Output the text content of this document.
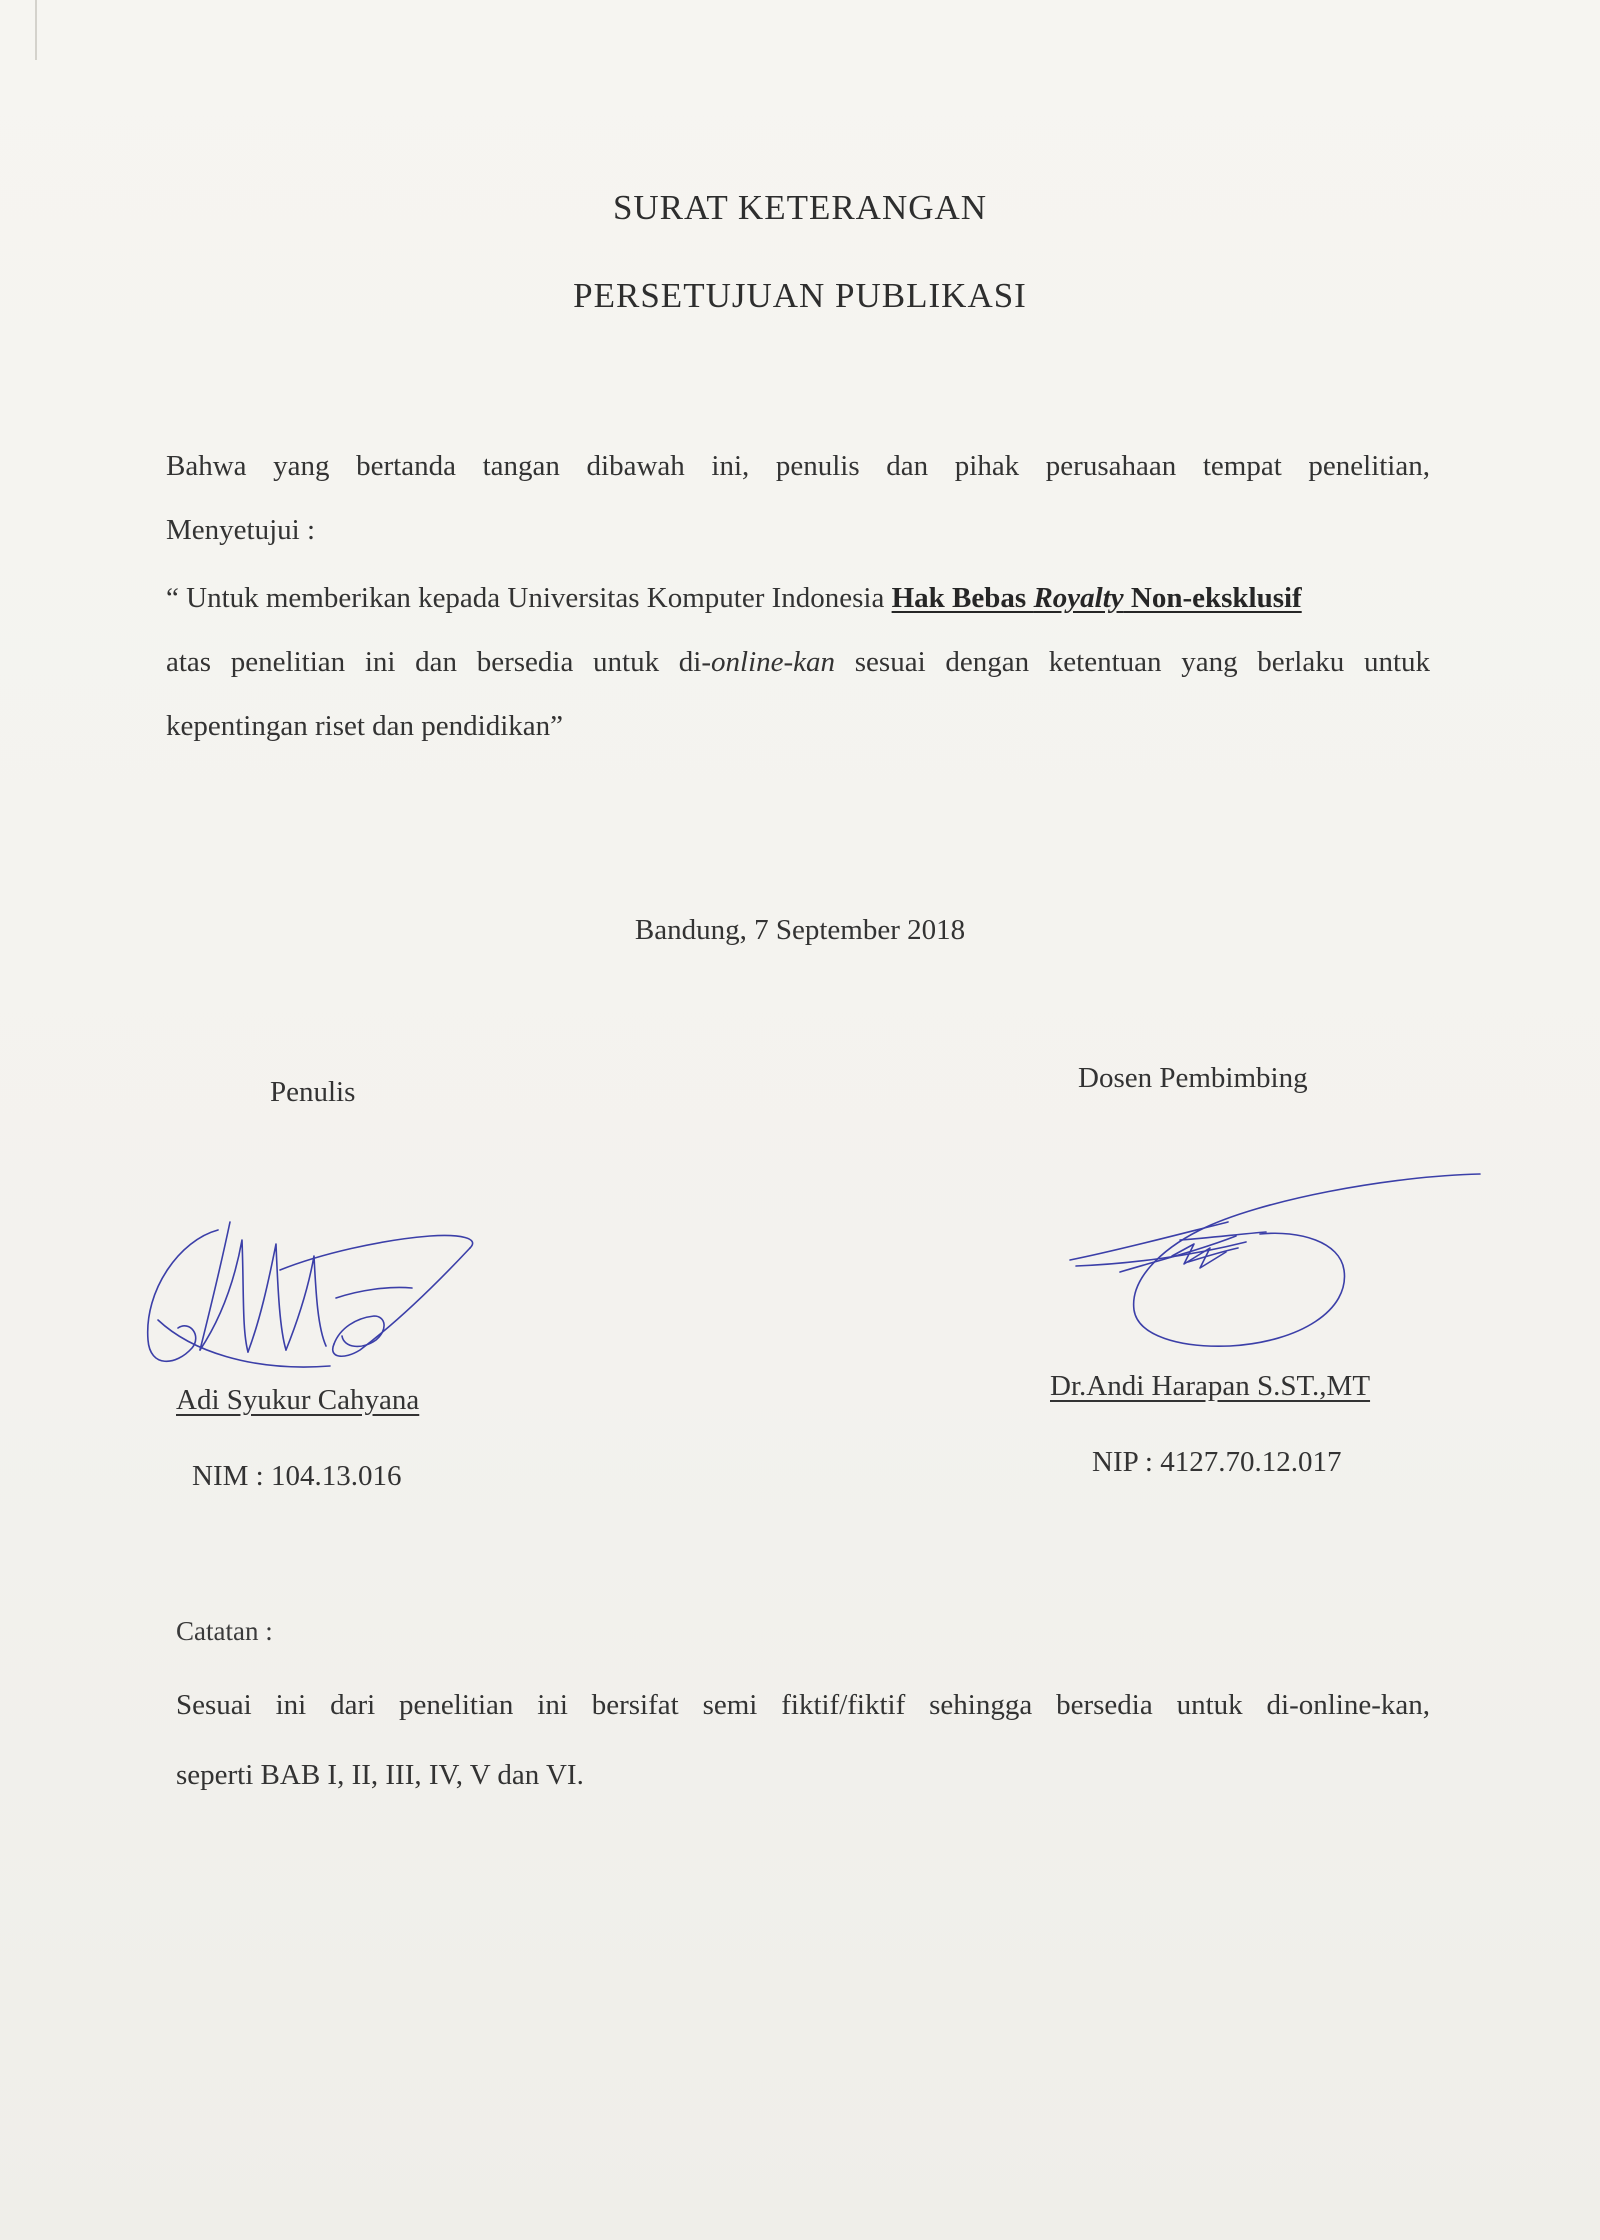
SURAT KETERANGAN
PERSETUJUAN PUBLIKASI
Bahwa yang bertanda tangan dibawah ini, penulis dan pihak perusahaan tempat penelitian,
Menyetujui :
“ Untuk memberikan kepada Universitas Komputer Indonesia Hak Bebas Royalty Non-eksklusif
atas penelitian ini dan bersedia untuk di-online-kan sesuai dengan ketentuan yang berlaku untuk
kepentingan riset dan pendidikan”
Bandung, 7 September 2018
Penulis	Dosen Pembimbing
Adi Syukur Cahyana	Dr.Andi Harapan S.ST.,MT
NIM : 104.13.016	NIP : 4127.70.12.017
Catatan :
Sesuai ini dari penelitian ini bersifat semi fiktif/fiktif sehingga bersedia untuk di-online-kan,
seperti BAB I, II, III, IV, V dan VI.
